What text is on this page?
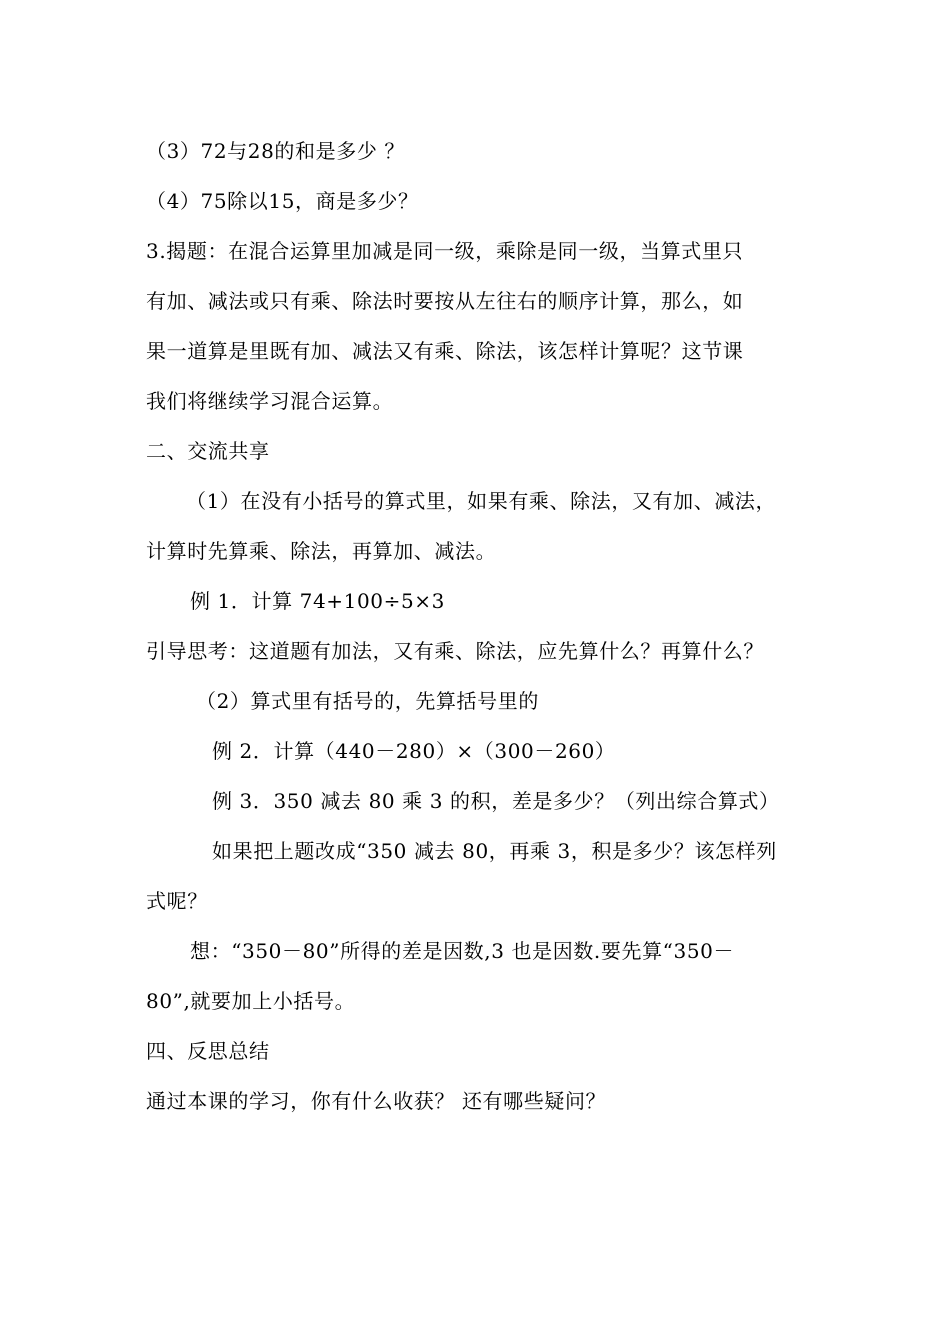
（3）72与28的和是多少 ？
（4）75除以15，商是多少？
3.揭题：在混合运算里加减是同一级，乘除是同一级，当算式里只
有加、减法或只有乘、除法时要按从左往右的顺序计算，那么，如
果一道算是里既有加、减法又有乘、除法，该怎样计算呢？这节课
我们将继续学习混合运算。
二、交流共享
（1）在没有小括号的算式里，如果有乘、除法，又有加、减法，
计算时先算乘、除法，再算加、减法。
例 1．计算 74+100÷5×3
引导思考：这道题有加法，又有乘、除法，应先算什么？再算什么？
（2）算式里有括号的，先算括号里的
例 2．计算（440－280）×（300－260）
例 3．350 减去 80 乘 3 的积，差是多少？（列出综合算式）
如果把上题改成“350 减去 80，再乘 3，积是多少？该怎样列
式呢？
想：“350－80”所得的差是因数,3 也是因数.要先算“350－
80”,就要加上小括号。
四、反思总结
通过本课的学习，你有什么收获？ 还有哪些疑问？
